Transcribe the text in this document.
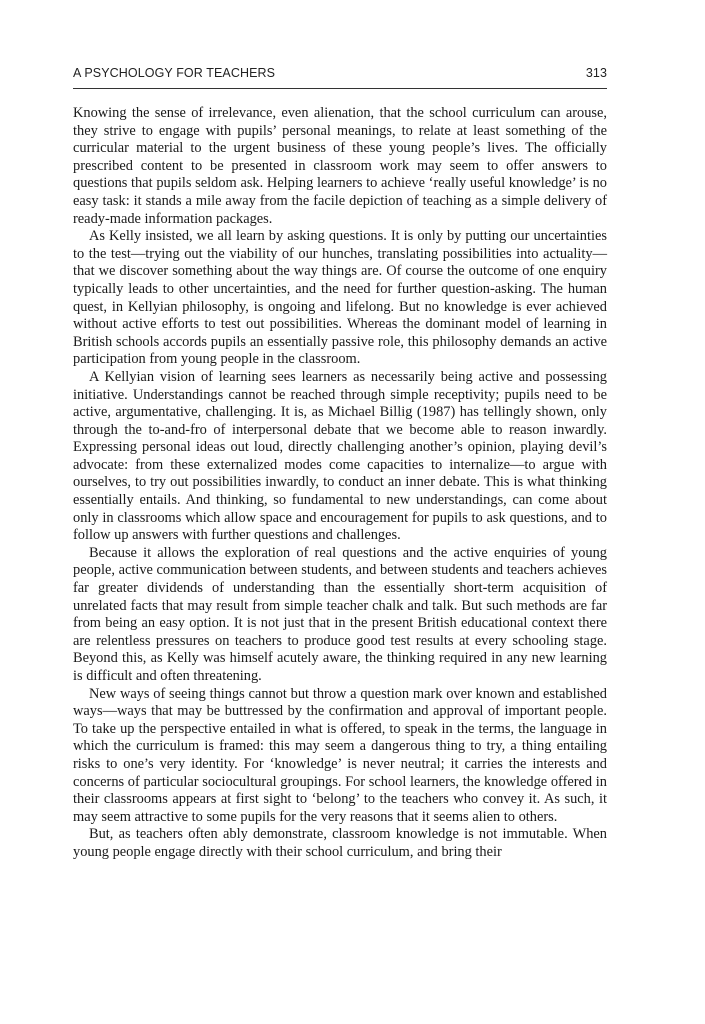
A PSYCHOLOGY FOR TEACHERS	313

Knowing the sense of irrelevance, even alienation, that the school curriculum can arouse, they strive to engage with pupils’ personal meanings, to relate at least something of the curricular material to the urgent business of these young people’s lives. The officially prescribed content to be presented in classroom work may seem to offer answers to questions that pupils seldom ask. Helping learners to achieve ‘really useful knowledge’ is no easy task: it stands a mile away from the facile depiction of teaching as a simple delivery of ready-made information packages.

As Kelly insisted, we all learn by asking questions. It is only by putting our uncertainties to the test—trying out the viability of our hunches, translating possibilities into actuality—that we discover something about the way things are. Of course the outcome of one enquiry typically leads to other uncertainties, and the need for further question-asking. The human quest, in Kellyian philosophy, is ongoing and lifelong. But no knowledge is ever achieved without active efforts to test out possibilities. Whereas the dominant model of learning in British schools accords pupils an essentially passive role, this philosophy demands an active participation from young people in the classroom.

A Kellyian vision of learning sees learners as necessarily being active and possessing initiative. Understandings cannot be reached through simple receptivity; pupils need to be active, argumentative, challenging. It is, as Michael Billig (1987) has tellingly shown, only through the to-and-fro of interpersonal debate that we become able to reason inwardly. Expressing personal ideas out loud, directly challenging another’s opinion, playing devil’s advocate: from these externalized modes come capacities to internalize—to argue with ourselves, to try out possibilities inwardly, to conduct an inner debate. This is what thinking essentially entails. And thinking, so fundamental to new understandings, can come about only in classrooms which allow space and encouragement for pupils to ask questions, and to follow up answers with further questions and challenges.

Because it allows the exploration of real questions and the active enquiries of young people, active communication between students, and between students and teachers achieves far greater dividends of understanding than the essentially short-term acquisition of unrelated facts that may result from simple teacher chalk and talk. But such methods are far from being an easy option. It is not just that in the present British educational context there are relentless pressures on teachers to produce good test results at every schooling stage. Beyond this, as Kelly was himself acutely aware, the thinking required in any new learning is difficult and often threatening.

New ways of seeing things cannot but throw a question mark over known and established ways—ways that may be buttressed by the confirmation and approval of important people. To take up the perspective entailed in what is offered, to speak in the terms, the language in which the curriculum is framed: this may seem a dangerous thing to try, a thing entailing risks to one’s very identity. For ‘knowledge’ is never neutral; it carries the interests and concerns of particular sociocultural groupings. For school learners, the knowledge offered in their classrooms appears at first sight to ‘belong’ to the teachers who convey it. As such, it may seem attractive to some pupils for the very reasons that it seems alien to others.

But, as teachers often ably demonstrate, classroom knowledge is not immutable. When young people engage directly with their school curriculum, and bring their
